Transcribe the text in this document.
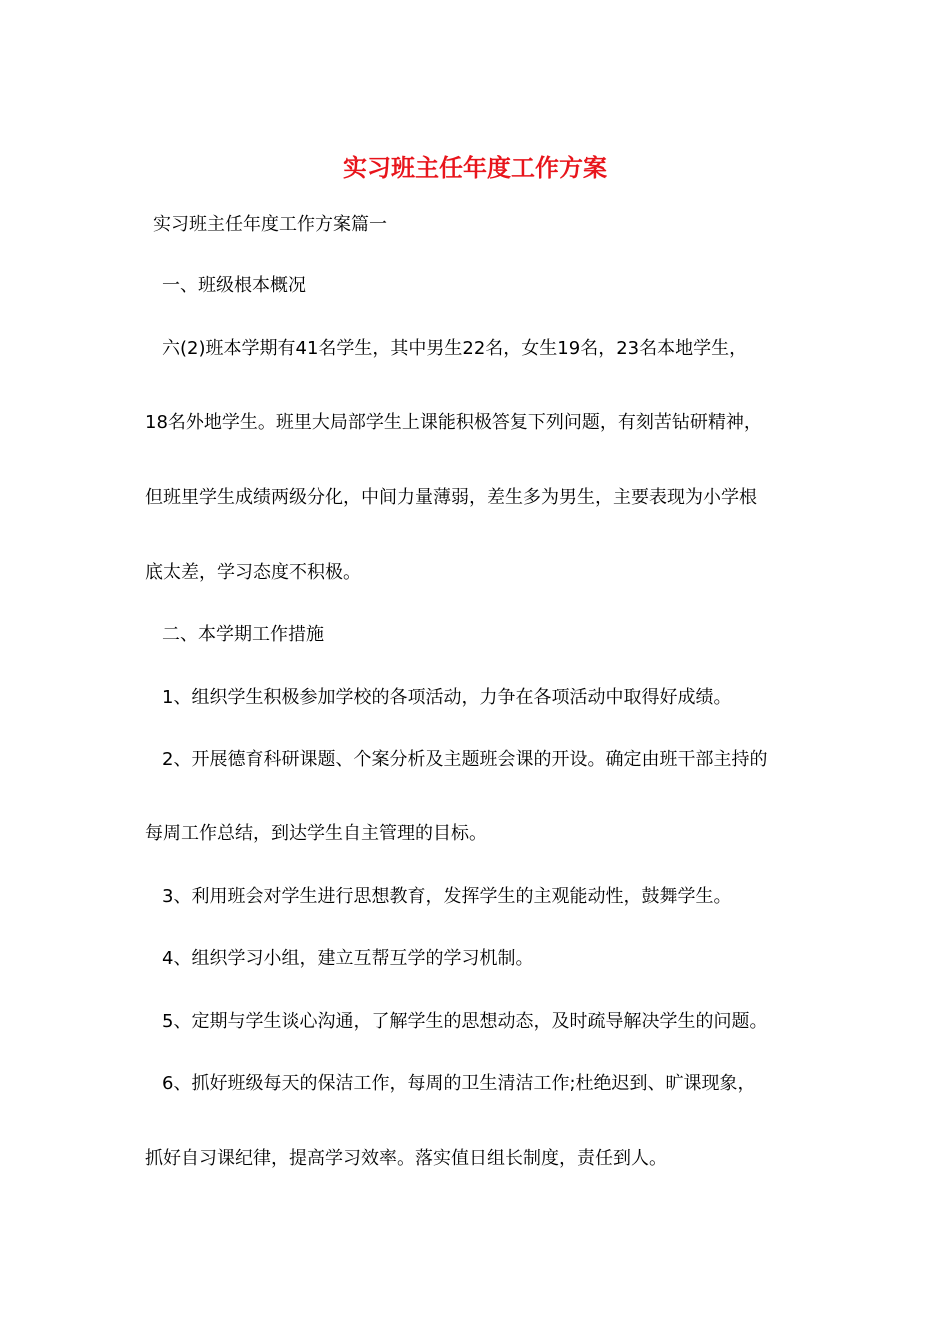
实习班主任年度工作方案
实习班主任年度工作方案篇一
一、班级根本概况
六(2)班本学期有41名学生，其中男生22名，女生19名，23名本地学生，
18名外地学生。班里大局部学生上课能积极答复下列问题，有刻苦钻研精神，
但班里学生成绩两级分化，中间力量薄弱，差生多为男生，主要表现为小学根
底太差，学习态度不积极。
二、本学期工作措施
1、组织学生积极参加学校的各项活动，力争在各项活动中取得好成绩。
2、开展德育科研课题、个案分析及主题班会课的开设。确定由班干部主持的
每周工作总结，到达学生自主管理的目标。
3、利用班会对学生进行思想教育，发挥学生的主观能动性，鼓舞学生。
4、组织学习小组，建立互帮互学的学习机制。
5、定期与学生谈心沟通，了解学生的思想动态，及时疏导解决学生的问题。
6、抓好班级每天的保洁工作，每周的卫生清洁工作;杜绝迟到、旷课现象，
抓好自习课纪律，提高学习效率。落实值日组长制度，责任到人。
